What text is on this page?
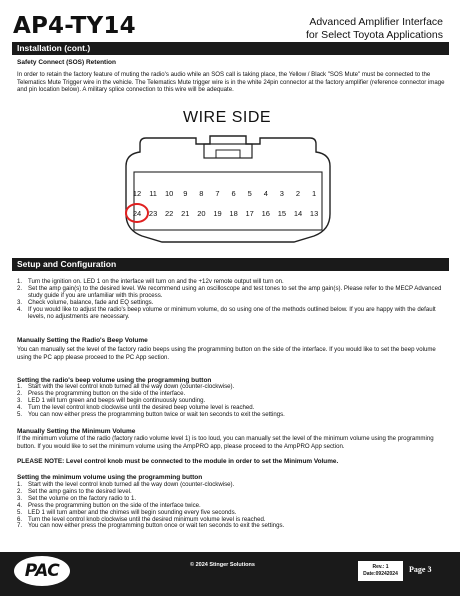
AP4-TY14	Advanced Amplifier Interface
for Select Toyota Applications
Installation (cont.)
Safety Connect (SOS) Retention
In order to retain the factory feature of muting the radio's audio while an SOS call is taking place, the Yellow / Black "SOS Mute" must be connected to the Telematics Mute Trigger wire in the vehicle. The Telematics Mute trigger wire is in the white 24pin connector at the factory amplifier (reference connector image and pin location below). A military splice connection to this wire will be adequate.
WIRE SIDE
12	11	10	9	8	7	6	5	4	3	2	1
24	23	22	21	20	19	18	17	16	15	14	13
Setup and Configuration
1. Turn the ignition on. LED 1 on the interface will turn on and the +12v remote output will turn on.
2. Set the amp gain(s) to the desired level. We recommend using an oscilloscope and test tones to set the amp gain(s). Please refer to the MECP Advanced study guide if you are unfamiliar with this process.
3. Check volume, balance, fade and EQ settings.
4. If you would like to adjust the radio's beep volume or minimum volume, do so using one of the methods outlined below. If you are happy with the default levels, no adjustments are necessary.
Manually Setting the Radio's Beep Volume
You can manually set the level of the factory radio beeps using the programming button on the side of the interface. If you would like to set the beep volume using the PC app please proceed to the PC App section.
Setting the radio's beep volume using the programming button
1. Start with the level control knob turned all the way down (counter-clockwise).
2. Press the programming button on the side of the interface.
3. LED 1 will turn green and beeps will begin continuously sounding.
4. Turn the level control knob clockwise until the desired beep volume level is reached.
5. You can now either press the programming button twice or wait ten seconds to exit the settings.
Manually Setting the Minimum Volume
If the minimum volume of the radio (factory radio volume level 1) is too loud, you can manually set the level of the minimum volume using the programming button. If you would like to set the minimum volume using the AmpPRO app, please proceed to the AmpPRO App section.
PLEASE NOTE: Level control knob must be connected to the module in order to set the Minimum Volume.
Setting the minimum volume using the programming button
1. Start with the level control knob turned all the way down (counter-clockwise).
2. Set the amp gains to the desired level.
3. Set the volume on the factory radio to 1.
4. Press the programming button on the side of the interface twice.
5. LED 1 will turn amber and the chimes will begin sounding every five seconds.
6. Turn the level control knob clockwise until the desired minimum volume level is reached.
7. You can now either press the programming button once or wait ten seconds to exit the settings.
PAC	© 2024 Stinger Solutions	Rev.: 1
Date:09242024	Page 3
